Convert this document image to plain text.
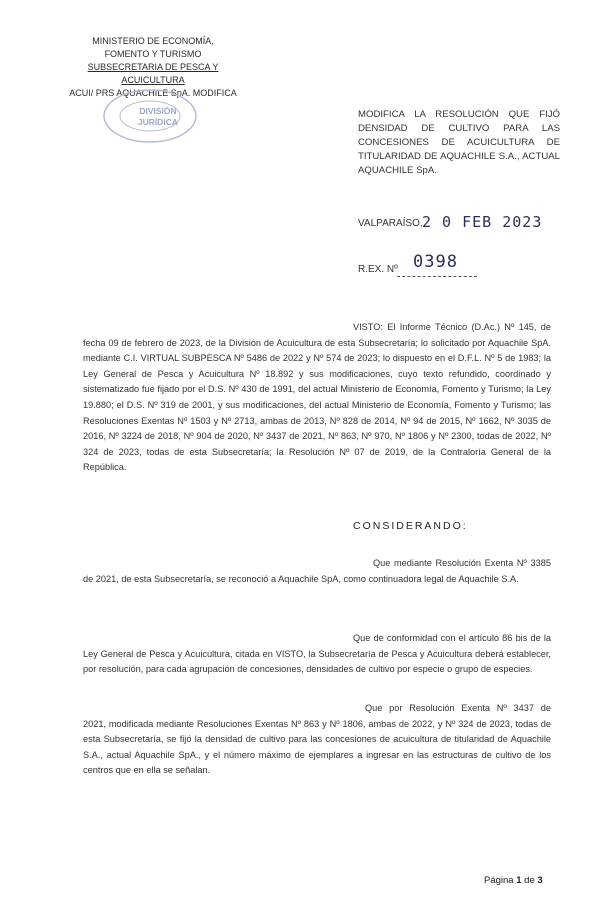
MINISTERIO DE ECONOMÍA,
FOMENTO Y TURISMO
SUBSECRETARIA DE PESCA Y ACUICULTURA
ACUI/ PRS AQUACHILE SpA. MODIFICA
DIVISIÓN
JURÍDICA
MODIFICA LA RESOLUCIÓN QUE FIJÓ DENSIDAD DE CULTIVO PARA LAS CONCESIONES DE ACUICULTURA DE TITULARIDAD DE AQUACHILE S.A., ACTUAL AQUACHILE SpA.
VALPARAÍSO, 2 0 FEB 2023
R.EX. Nº 0398
VISTO: El Informe Técnico (D.Ac.) Nº 145, de fecha 09 de febrero de 2023, de la División de Acuicultura de esta Subsecretaría; lo solicitado por Aquachile SpA. mediante C.I. VIRTUAL SUBPESCA Nº 5486 de 2022 y Nº 574 de 2023; lo dispuesto en el D.F.L. Nº 5 de 1983; la Ley General de Pesca y Acuicultura Nº 18.892 y sus modificaciones, cuyo texto refundido, coordinado y sistematizado fue fijado por el D.S. Nº 430 de 1991, del actual Ministerio de Economía, Fomento y Turismo; la Ley 19.880; el D.S. Nº 319 de 2001, y sus modificaciones, del actual Ministerio de Economía, Fomento y Turismo; las Resoluciones Exentas Nº 1503 y Nº 2713, ambas de 2013, Nº 828 de 2014, Nº 94 de 2015, Nº 1662, Nº 3035 de 2016, Nº 3224 de 2018, Nº 904 de 2020, Nº 3437 de 2021, Nº 863, Nº 970, Nº 1806 y Nº 2300, todas de 2022, Nº 324 de 2023, todas de esta Subsecretaría; la Resolución Nº 07 de 2019, de la Contraloría General de la República.
CONSIDERANDO:
Que mediante Resolución Exenta Nº 3385 de 2021, de esta Subsecretaría, se reconoció a Aquachile SpA, como continuadora legal de Aquachile S.A.
Que de conformidad con el artículo 86 bis de la Ley General de Pesca y Acuicultura, citada en VISTO, la Subsecretaría de Pesca y Acuicultura deberá establecer, por resolución, para cada agrupación de concesiones, densidades de cultivo por especie o grupo de especies.
Que por Resolución Exenta Nº 3437 de 2021, modificada mediante Resoluciones Exentas Nº 863 y Nº 1806, ambas de 2022, y Nº 324 de 2023, todas de esta Subsecretaría, se fijó la densidad de cultivo para las concesiones de acuicultura de titularidad de Aquachile S.A., actual Aquachile SpA., y el número máximo de ejemplares a ingresar en las estructuras de cultivo de los centros que en ella se señalan.
Página 1 de 3
